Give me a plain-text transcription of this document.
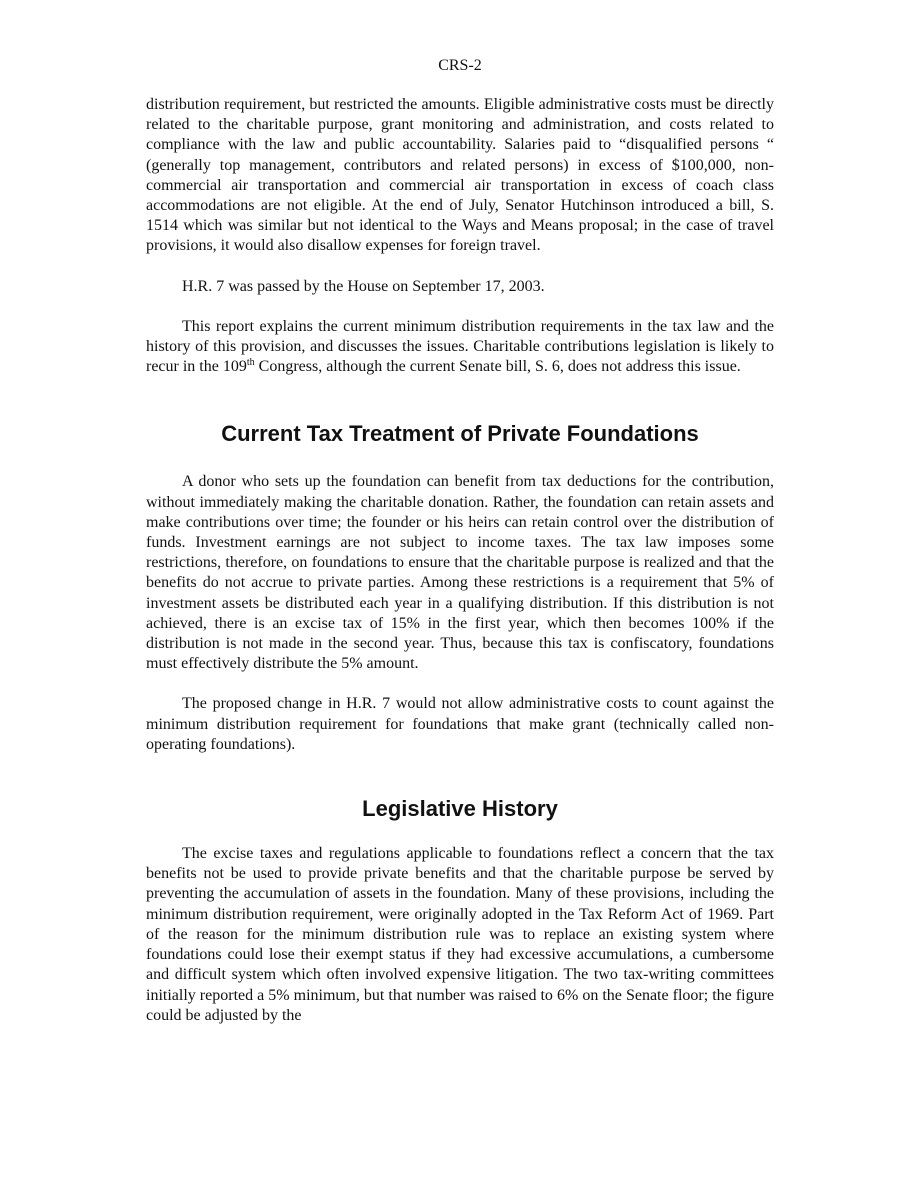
CRS-2

distribution requirement, but restricted the amounts. Eligible administrative costs must be directly related to the charitable purpose, grant monitoring and administration, and costs related to compliance with the law and public accountability. Salaries paid to “disqualified persons “ (generally top management, contributors and related persons) in excess of $100,000, non-commercial air transportation and commercial air transportation in excess of coach class accommodations are not eligible. At the end of July, Senator Hutchinson introduced a bill, S. 1514 which was similar but not identical to the Ways and Means proposal; in the case of travel provisions, it would also disallow expenses for foreign travel.

H.R. 7 was passed by the House on September 17, 2003.

This report explains the current minimum distribution requirements in the tax law and the history of this provision, and discusses the issues. Charitable contributions legislation is likely to recur in the 109th Congress, although the current Senate bill, S. 6, does not address this issue.

Current Tax Treatment of Private Foundations

A donor who sets up the foundation can benefit from tax deductions for the contribution, without immediately making the charitable donation. Rather, the foundation can retain assets and make contributions over time; the founder or his heirs can retain control over the distribution of funds. Investment earnings are not subject to income taxes. The tax law imposes some restrictions, therefore, on foundations to ensure that the charitable purpose is realized and that the benefits do not accrue to private parties. Among these restrictions is a requirement that 5% of investment assets be distributed each year in a qualifying distribution. If this distribution is not achieved, there is an excise tax of 15% in the first year, which then becomes 100% if the distribution is not made in the second year. Thus, because this tax is confiscatory, foundations must effectively distribute the 5% amount.

The proposed change in H.R. 7 would not allow administrative costs to count against the minimum distribution requirement for foundations that make grant (technically called non-operating foundations).

Legislative History

The excise taxes and regulations applicable to foundations reflect a concern that the tax benefits not be used to provide private benefits and that the charitable purpose be served by preventing the accumulation of assets in the foundation. Many of these provisions, including the minimum distribution requirement, were originally adopted in the Tax Reform Act of 1969. Part of the reason for the minimum distribution rule was to replace an existing system where foundations could lose their exempt status if they had excessive accumulations, a cumbersome and difficult system which often involved expensive litigation. The two tax-writing committees initially reported a 5% minimum, but that number was raised to 6% on the Senate floor; the figure could be adjusted by the
